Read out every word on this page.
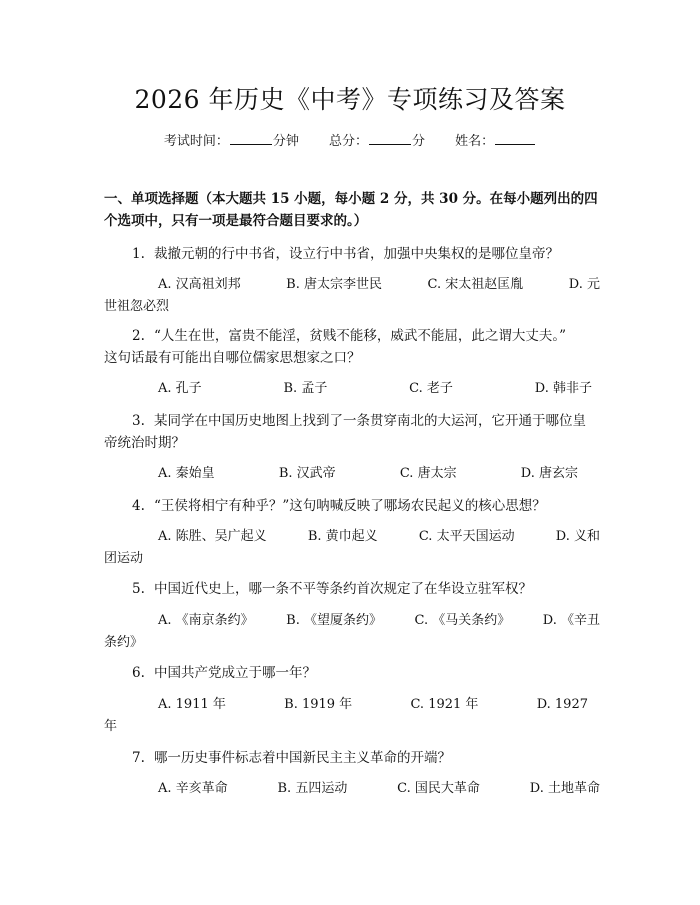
2026 年历史《中考》专项练习及答案
考试时间：	分钟 总分：	分 姓名：
一、单项选择题（本大题共 15 小题，每小题 2 分，共 30 分。在每小题列出的四
个选项中，只有一项是最符合题目要求的。）
1. 裁撤元朝的行中书省，设立行中书省，加强中央集权的是哪位皇帝？
A. 汉高祖刘邦	B. 唐太宗李世民	C. 宋太祖赵匡胤	D. 元
世祖忽必烈
2. “人生在世，富贵不能淫，贫贱不能移，威武不能屈，此之谓大丈夫。”
这句话最有可能出自哪位儒家思想家之口？
A. 孔子	B. 孟子	C. 老子	D. 韩非子
3. 某同学在中国历史地图上找到了一条贯穿南北的大运河，它开通于哪位皇
帝统治时期？
A. 秦始皇	B. 汉武帝	C. 唐太宗	D. 唐玄宗
4. “王侯将相宁有种乎？”这句呐喊反映了哪场农民起义的核心思想？
A. 陈胜、吴广起义	B. 黄巾起义	C. 太平天国运动	D. 义和
团运动
5. 中国近代史上，哪一条不平等条约首次规定了在华设立驻军权？
A. 《南京条约》	B. 《望厦条约》	C. 《马关条约》	D. 《辛丑
条约》
6. 中国共产党成立于哪一年？
A. 1911 年	B. 1919 年	C. 1921 年	D. 1927
年
7. 哪一历史事件标志着中国新民主主义革命的开端？
A. 辛亥革命	B. 五四运动	C. 国民大革命	D. 土地革命
